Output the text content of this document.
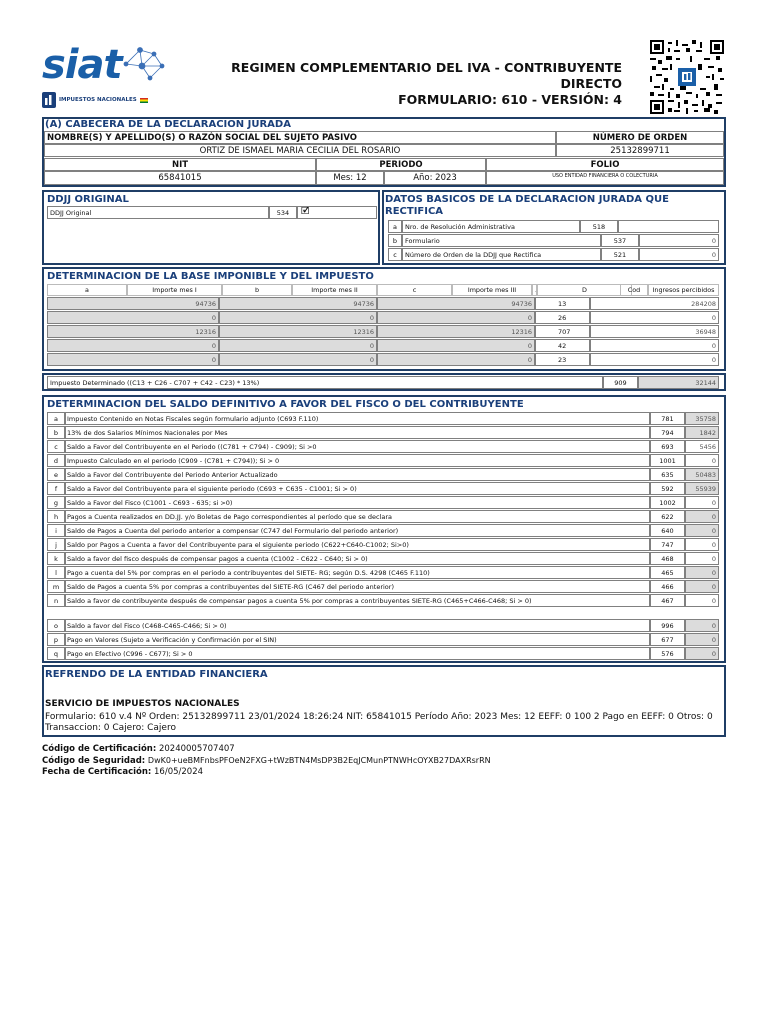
siat
IMPUESTOS NACIONALES
REGIMEN COMPLEMENTARIO DEL IVA - CONTRIBUYENTE DIRECTO
FORMULARIO: 610 - VERSIÓN: 4
(A) CABECERA DE LA DECLARACION JURADA
NOMBRE(S) Y APELLIDO(S) O RAZÓN SOCIAL DEL SUJETO PASIVO	NÚMERO DE ORDEN
ORTIZ DE ISMAEL MARIA CECILIA DEL ROSARIO	25132899711
NIT	PERIODO	FOLIO
65841015	Mes: 12	Año: 2023	USO ENTIDAD FINANCIERA O COLECTURIA
DDJJ ORIGINAL
DDJJ Original	534	🗹
DATOS BASICOS DE LA DECLARACION JURADA QUE RECTIFICA
a	Nro. de Resolución Administrativa	518
b	Formulario	537	0
c	Número de Orden de la DDJJ que Rectifica	521	0
DETERMINACION DE LA BASE IMPONIBLE Y DEL IMPUESTO
a	Importe mes I	b	Importe mes II	c	Importe mes III	.	D	Cod	Ingresos percibidos
94736	94736	94736	13	284208
0	0	0	26	0
12316	12316	12316	707	36948
0	0	0	42	0
0	0	0	23	0
Impuesto Determinado ((C13 + C26 - C707 + C42 - C23) * 13%)	909	32144
DETERMINACION DEL SALDO DEFINITIVO A FAVOR DEL FISCO O DEL CONTRIBUYENTE
a	Impuesto Contenido en Notas Fiscales según formulario adjunto (C693 F.110)	781	35758
b	13% de dos Salarios Mínimos Nacionales por Mes	794	1842
c	Saldo a Favor del Contribuyente en el Periodo ((C781 + C794) - C909); Si >0	693	5456
d	Impuesto Calculado en el periodo (C909 - (C781 + C794)); Si > 0	1001	0
e	Saldo a Favor del Contribuyente del Periodo Anterior Actualizado	635	50483
f	Saldo a Favor del Contribuyente para el siguiente periodo (C693 + C635 - C1001; Si > 0)	592	55939
g	Saldo a Favor del Fisco (C1001 - C693 - 635; si >0)	1002	0
h	Pagos a Cuenta realizados en DD.JJ. y/o Boletas de Pago correspondientes al período que se declara	622	0
i	Saldo de Pagos a Cuenta del periodo anterior a compensar (C747 del Formulario del periodo anterior)	640	0
j	Saldo por Pagos a Cuenta a favor del Contribuyente para el siguiente periodo (C622+C640-C1002; Si>0)	747	0
k	Saldo a favor del fisco después de compensar pagos a cuenta (C1002 - C622 - C640; Si > 0)	468	0
l	Pago a cuenta del 5% por compras en el periodo a contribuyentes del SIETE- RG; según D.S. 4298 (C465 F.110)	465	0
m	Saldo de Pagos a cuenta 5% por compras a contribuyentes del SIETE-RG (C467 del periodo anterior)	466	0
n	Saldo a favor de contribuyente después de compensar pagos a cuenta 5% por compras a contribuyentes SIETE-RG (C465+C466-C468; Si > 0)	467	0
o	Saldo a favor del Fisco (C468-C465-C466; Si > 0)	996	0
p	Pago en Valores (Sujeto a Verificación y Confirmación por el SIN)	677	0
q	Pago en Efectivo (C996 - C677); Si > 0	576	0
REFRENDO DE LA ENTIDAD FINANCIERA
SERVICIO DE IMPUESTOS NACIONALES
Formulario: 610 v.4 Nº Orden: 25132899711 23/01/2024 18:26:24 NIT: 65841015 Período Año: 2023 Mes: 12 EEFF: 0 100 2 Pago en EEFF: 0 Otros: 0
Transaccion: 0 Cajero: Cajero
Código de Certificación: 20240005707407
Código de Seguridad: DwK0+ueBMFnbsPFOeN2FXG+tWzBTN4MsDP3B2EqJCMunPTNWHcOYXB27DAXRsrRN
Fecha de Certificación: 16/05/2024
